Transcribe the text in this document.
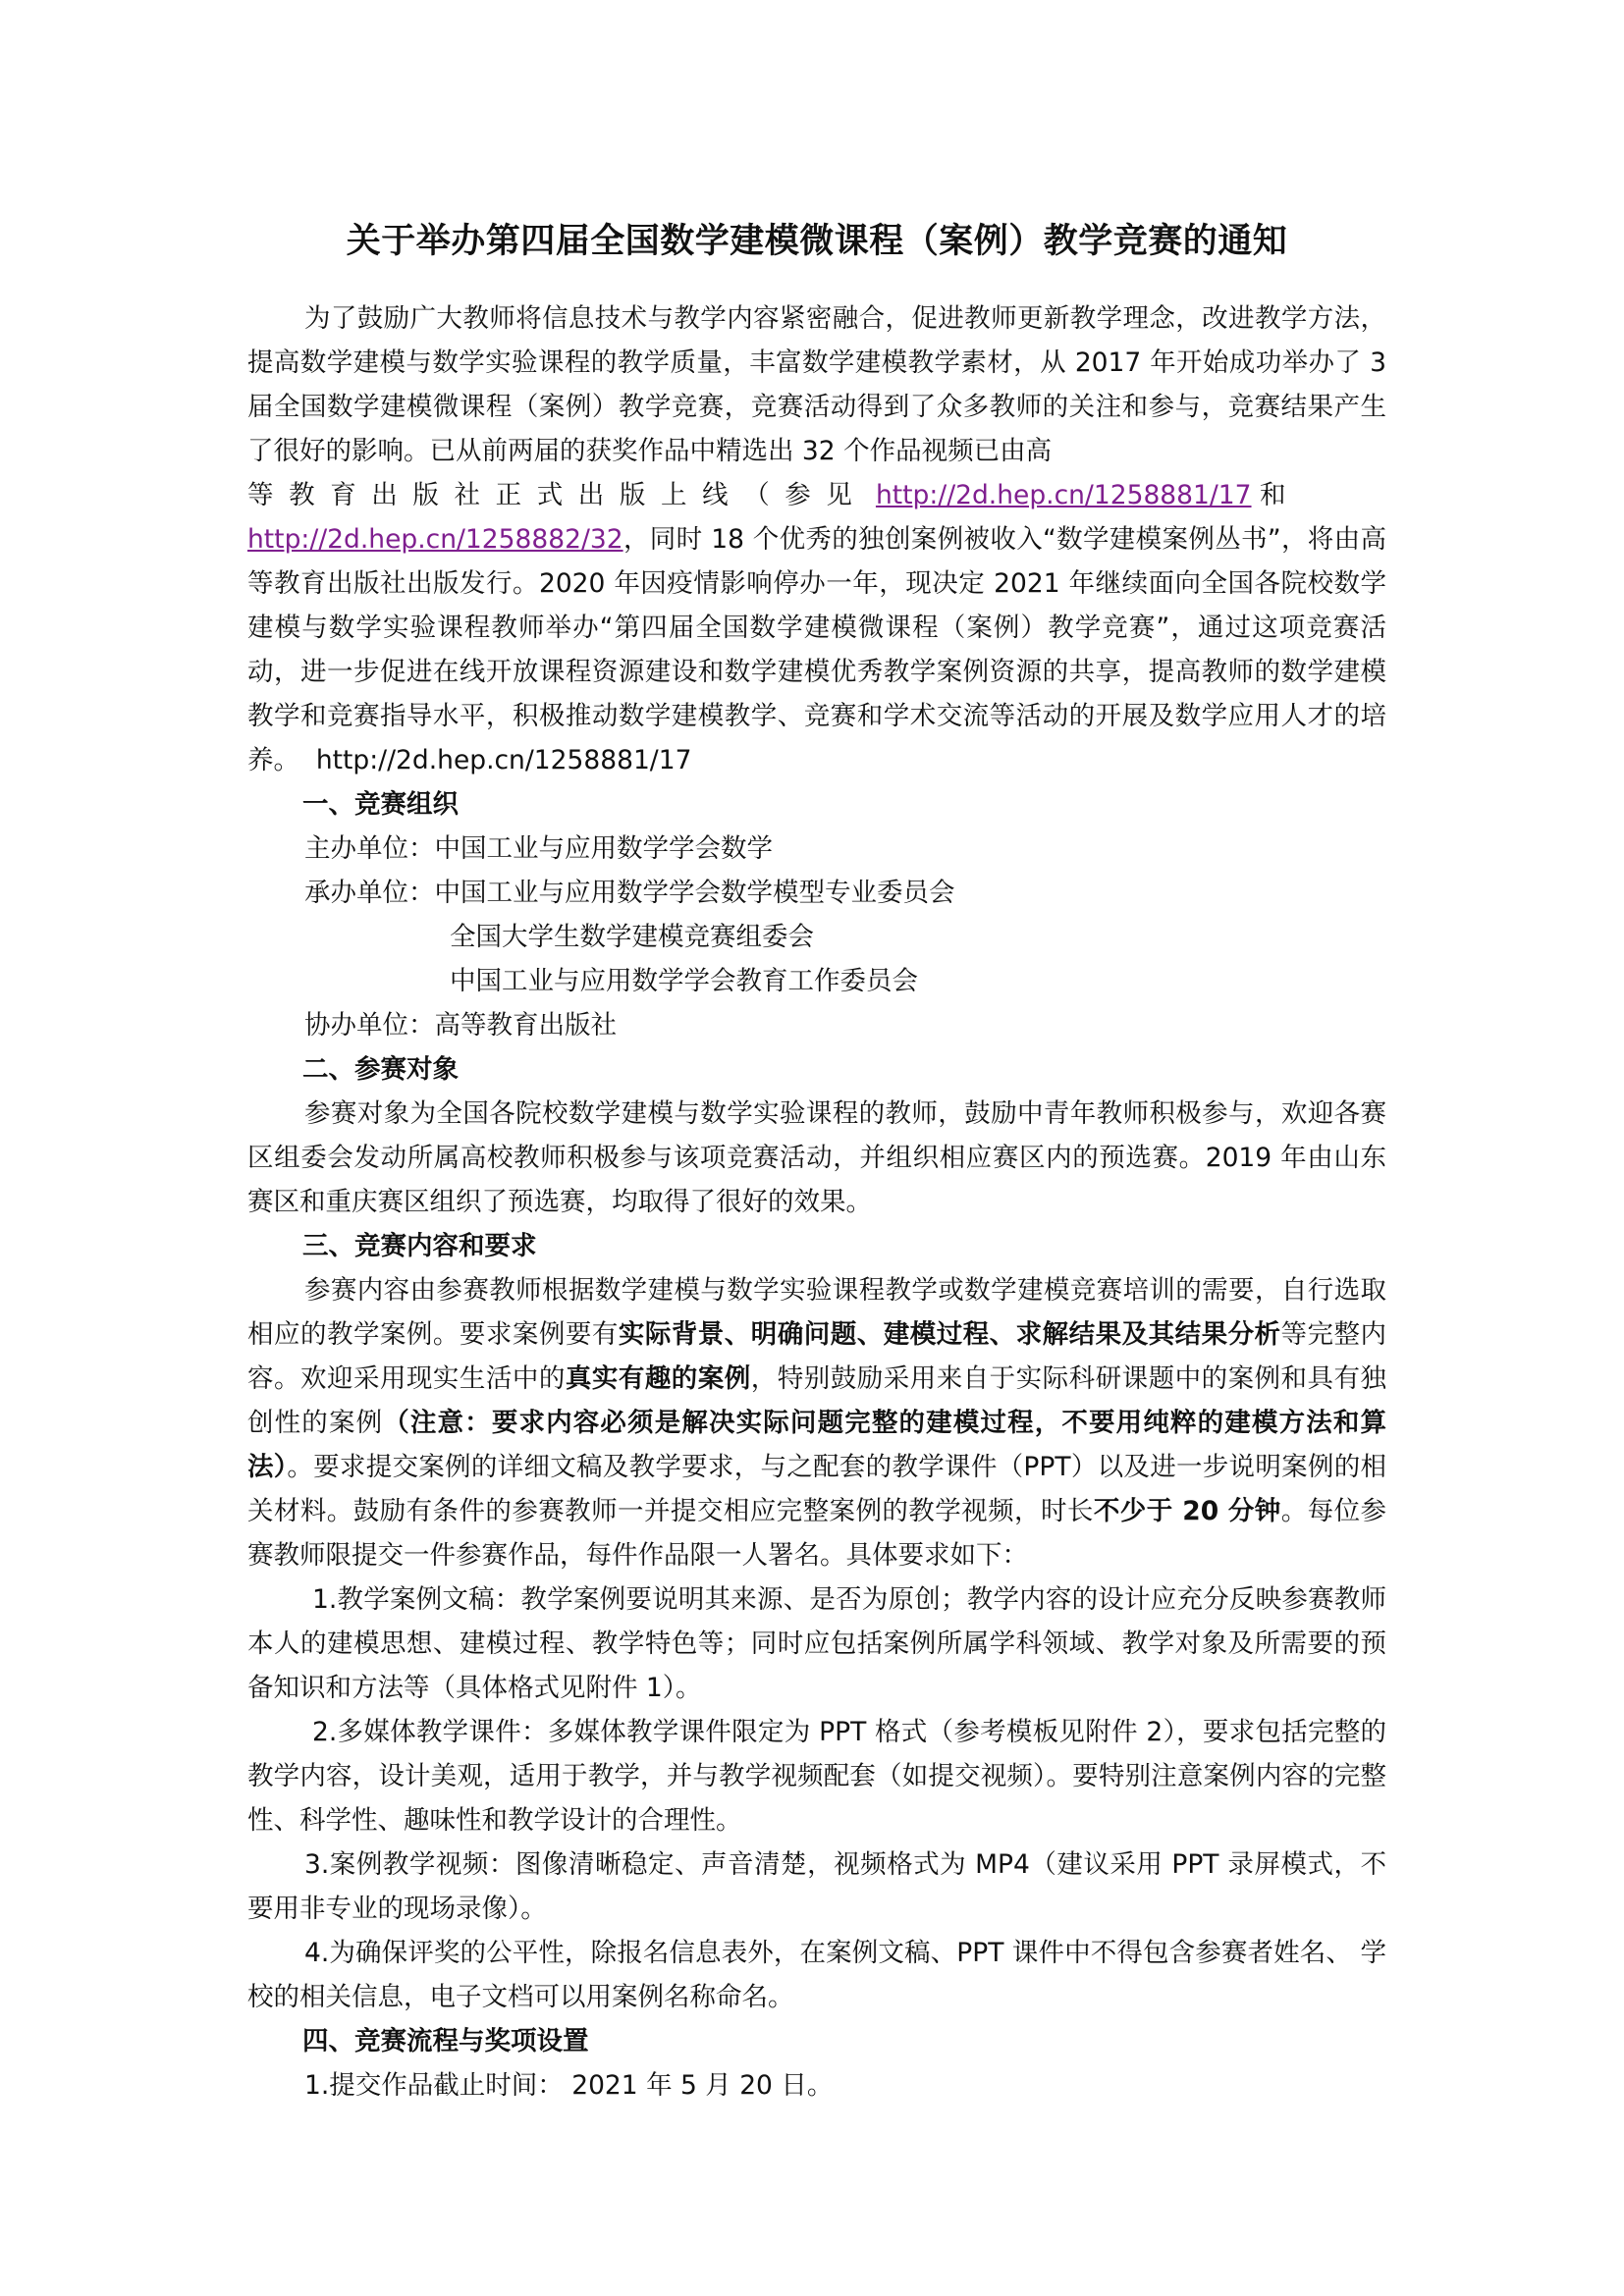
关于举办第四届全国数学建模微课程（案例）教学竞赛的通知

为了鼓励广大教师将信息技术与教学内容紧密融合，促进教师更新教学理念，改进教学方法，提高数学建模与数学实验课程的教学质量，丰富数学建模教学素材，从 2017 年开始成功举办了 3 届全国数学建模微课程（案例）教学竞赛，竞赛活动得到了众多教师的关注和参与，竞赛结果产生了很好的影响。已从前两届的获奖作品中精选出 32 个作品视频已由高

等教育出版社正式出版上线（参见 http://2d.hep.cn/1258881/17 和

http://2d.hep.cn/1258882/32，同时 18 个优秀的独创案例被收入“数学建模案例丛书”，将由高等教育出版社出版发行。2020 年因疫情影响停办一年，现决定 2021 年继续面向全国各院校数学建模与数学实验课程教师举办“第四届全国数学建模微课程（案例）教学竞赛”，通过这项竞赛活动，进一步促进在线开放课程资源建设和数学建模优秀教学案例资源的共享，提高教师的数学建模教学和竞赛指导水平，积极推动数学建模教学、竞赛和学术交流等活动的开展及数学应用人才的培养。 http://2d.hep.cn/1258881/17

一、竞赛组织

主办单位：中国工业与应用数学学会数学

承办单位：中国工业与应用数学学会数学模型专业委员会

全国大学生数学建模竞赛组委会

中国工业与应用数学学会教育工作委员会

协办单位：高等教育出版社

二、参赛对象

参赛对象为全国各院校数学建模与数学实验课程的教师，鼓励中青年教师积极参与，欢迎各赛区组委会发动所属高校教师积极参与该项竞赛活动，并组织相应赛区内的预选赛。2019 年由山东赛区和重庆赛区组织了预选赛，均取得了很好的效果。

三、竞赛内容和要求

参赛内容由参赛教师根据数学建模与数学实验课程教学或数学建模竞赛培训的需要，自行选取相应的教学案例。要求案例要有实际背景、明确问题、建模过程、求解结果及其结果分析等完整内容。欢迎采用现实生活中的真实有趣的案例，特别鼓励采用来自于实际科研课题中的案例和具有独创性的案例（注意：要求内容必须是解决实际问题完整的建模过程，不要用纯粹的建模方法和算法）。要求提交案例的详细文稿及教学要求，与之配套的教学课件（PPT）以及进一步说明案例的相关材料。鼓励有条件的参赛教师一并提交相应完整案例的教学视频，时长不少于 20 分钟。每位参赛教师限提交一件参赛作品，每件作品限一人署名。具体要求如下：

1.教学案例文稿：教学案例要说明其来源、是否为原创；教学内容的设计应充分反映参赛教师本人的建模思想、建模过程、教学特色等；同时应包括案例所属学科领域、教学对象及所需要的预备知识和方法等（具体格式见附件 1）。

2.多媒体教学课件：多媒体教学课件限定为 PPT 格式（参考模板见附件 2），要求包括完整的教学内容，设计美观，适用于教学，并与教学视频配套（如提交视频）。要特别注意案例内容的完整性、科学性、趣味性和教学设计的合理性。

3.案例教学视频：图像清晰稳定、声音清楚，视频格式为 MP4（建议采用 PPT 录屏模式，不要用非专业的现场录像）。

4.为确保评奖的公平性，除报名信息表外，在案例文稿、PPT 课件中不得包含参赛者姓名、 学校的相关信息，电子文档可以用案例名称命名。

四、竞赛流程与奖项设置

1.提交作品截止时间： 2021 年 5 月 20 日。
